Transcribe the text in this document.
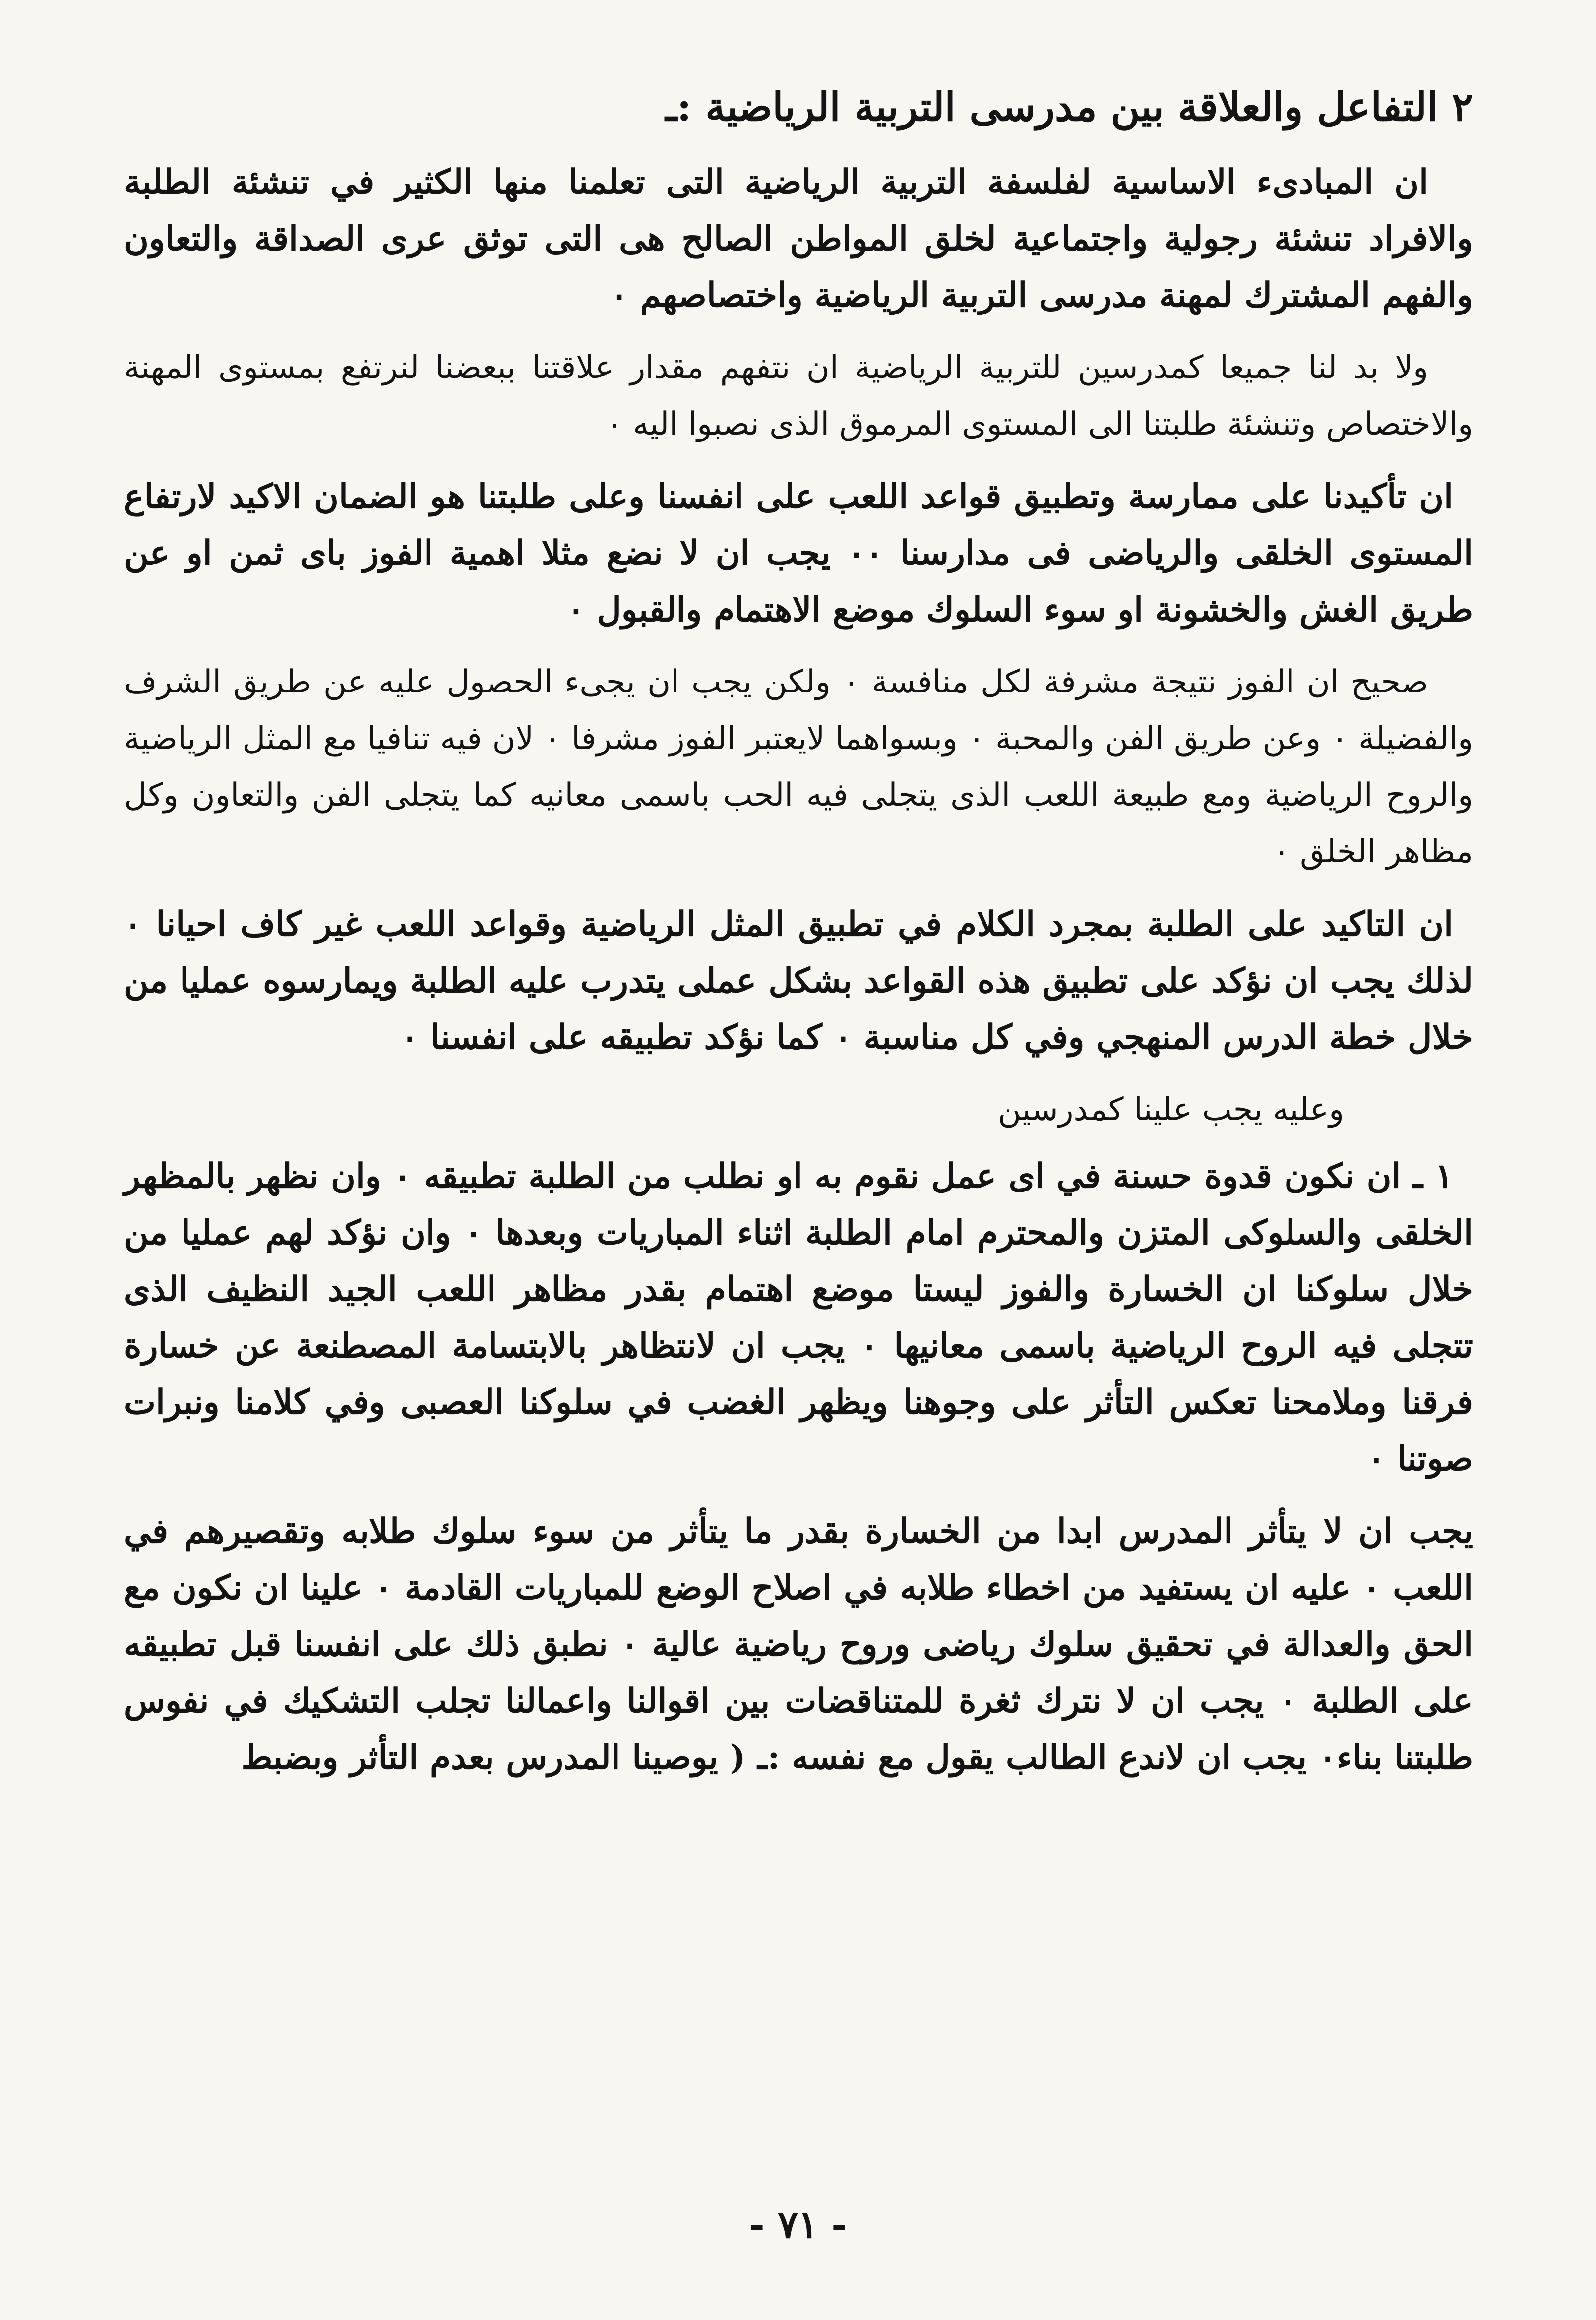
٢ التفاعل والعلاقة بين مدرسى التربية الرياضية :ـ

ان المبادىء الاساسية لفلسفة التربية الرياضية التى تعلمنا منها الكثير في تنشئة الطلبة والافراد تنشئة رجولية واجتماعية لخلق المواطن الصالح هى التى توثق عرى الصداقة والتعاون والفهم المشترك لمهنة مدرسى التربية الرياضية واختصاصهم ٠

ولا بد لنا جميعا كمدرسين للتربية الرياضية ان نتفهم مقدار علاقتنا ببعضنا لنرتفع بمستوى المهنة والاختصاص وتنشئة طلبتنا الى المستوى المرموق الذى نصبوا اليه ٠

ان تأكيدنا على ممارسة وتطبيق قواعد اللعب على انفسنا وعلى طلبتنا هو الضمان الاكيد لارتفاع المستوى الخلقى والرياضى فى مدارسنا ٠٠ يجب ان لا نضع مثلا اهمية الفوز باى ثمن او عن طريق الغش والخشونة او سوء السلوك موضع الاهتمام والقبول ٠

صحيح ان الفوز نتيجة مشرفة لكل منافسة ٠ ولكن يجب ان يجىء الحصول عليه عن طريق الشرف والفضيلة ٠ وعن طريق الفن والمحبة ٠ وبسواهما لايعتبر الفوز مشرفا ٠ لان فيه تنافيا مع المثل الرياضية والروح الرياضية ومع طبيعة اللعب الذى يتجلى فيه الحب باسمى معانيه كما يتجلى الفن والتعاون وكل مظاهر الخلق ٠

ان التاكيد على الطلبة بمجرد الكلام في تطبيق المثل الرياضية وقواعد اللعب غير كاف احيانا ٠ لذلك يجب ان نؤكد على تطبيق هذه القواعد بشكل عملى يتدرب عليه الطلبة ويمارسوه عمليا من خلال خطة الدرس المنهجي وفي كل مناسبة ٠ كما نؤكد تطبيقه على انفسنا ٠

وعليه يجب علينا كمدرسين

١ ـ ان نكون قدوة حسنة في اى عمل نقوم به او نطلب من الطلبة تطبيقه ٠ وان نظهر بالمظهر الخلقى والسلوكى المتزن والمحترم امام الطلبة اثناء المباريات وبعدها ٠ وان نؤكد لهم عمليا من خلال سلوكنا ان الخسارة والفوز ليستا موضع اهتمام بقدر مظاهر اللعب الجيد النظيف الذى تتجلى فيه الروح الرياضية باسمى معانيها ٠ يجب ان لانتظاهر بالابتسامة المصطنعة عن خسارة فرقنا وملامحنا تعكس التأثر على وجوهنا ويظهر الغضب في سلوكنا العصبى وفي كلامنا ونبرات صوتنا ٠

يجب ان لا يتأثر المدرس ابدا من الخسارة بقدر ما يتأثر من سوء سلوك طلابه وتقصيرهم في اللعب ٠ عليه ان يستفيد من اخطاء طلابه في اصلاح الوضع للمباريات القادمة ٠ علينا ان نكون مع الحق والعدالة في تحقيق سلوك رياضى وروح رياضية عالية ٠ نطبق ذلك على انفسنا قبل تطبيقه على الطلبة ٠ يجب ان لا نترك ثغرة للمتناقضات بين اقوالنا واعمالنا تجلب التشكيك في نفوس طلبتنا بناء٠ يجب ان لاندع الطالب يقول مع نفسه :ـ ( يوصينا المدرس بعدم التأثر وبضبط

- ٧١ -
